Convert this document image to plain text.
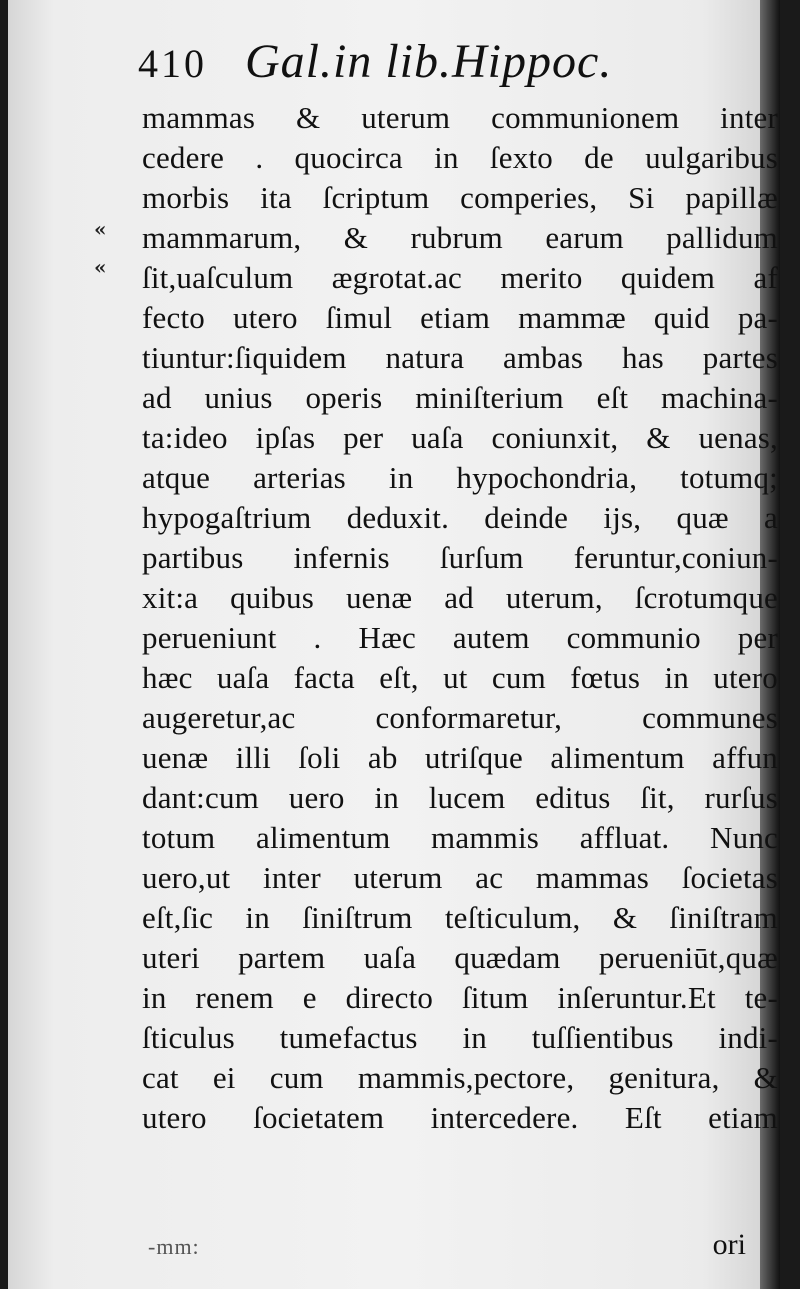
410 Gal.in lib.Hippoc.
«
«
mammas & uterum communionem inter
cedere . quocirca in ſexto de uulgaribus
morbis ita ſcriptum comperies, Si papillæ
mammarum, & rubrum earum pallidum
ſit,uaſculum ægrotat.ac merito quidem af
fecto utero ſimul etiam mammæ quid pa-
tiuntur:ſiquidem natura ambas has partes
ad unius operis miniſterium eſt machina-
ta:ideo ipſas per uaſa coniunxit, & uenas,
atque arterias in hypochondria, totumq;
hypogaſtrium deduxit. deinde ijs, quæ a
partibus infernis ſurſum feruntur,coniun-
xit:a quibus uenæ ad uterum, ſcrotumque
perueniunt . Hæc autem communio per
hæc uaſa facta eſt, ut cum fœtus in utero
augeretur,ac conformaretur, communes
uenæ illi ſoli ab utriſque alimentum affun
dant:cum uero in lucem editus ſit, rurſus
totum alimentum mammis affluat. Nunc
uero,ut inter uterum ac mammas ſocietas
eſt,ſic in ſiniſtrum teſticulum, & ſiniſtram
uteri partem uaſa quædam perueniūt,quæ
in renem e directo ſitum inſeruntur.Et te-
ſticulus tumefactus in tuſſientibus indi-
cat ei cum mammis,pectore, genitura, &
utero ſocietatem intercedere. Eſt etiam
-mm:	ori
